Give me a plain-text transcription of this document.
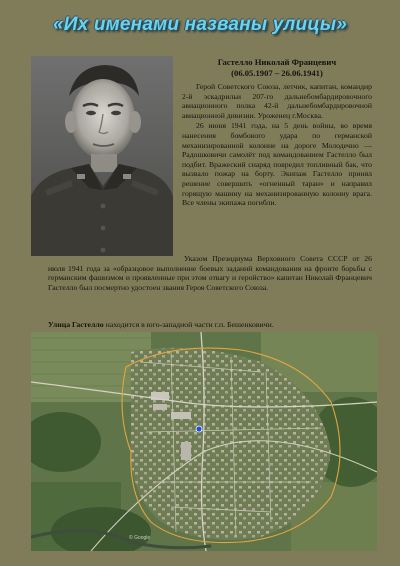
«Их именами названы улицы»
Гастелло Николай Францевич
(06.05.1907 – 26.06.1941)

Герой Советского Союза, летчик, капитан, командир 2-й эскадрильи 207-го дальнебомбардировочного авиационного полка 42-й дальнебомбардировочной авиационной дивизии. Уроженец г.Москва.

26 июня 1941 года, на 5 день войны, во время нанесения бомбового удара по германской механизированной колонне на дороге Молодечно — Радошковичи самолёт под командованием Гастелло был подбит. Вражеский снаряд повредил топливный бак, что вызвало пожар на борту. Экипаж Гастелло принял решение совершить «огненный таран» и направил горящую машину на механизированную колонну врага. Все члены экипажа погибли.

Указом Президиума Верховного Совета СССР от 26 июля 1941 года за «образцовое выполнение боевых заданий командования на фронте борьбы с германским фашизмом и проявленные при этом отвагу и геройство» капитан Николай Францевич Гастелло был посмертно удостоен звания Героя Советского Союза.
Улица Гастелло находится в юго-западной части г.п. Бешенковичи.
© Google
